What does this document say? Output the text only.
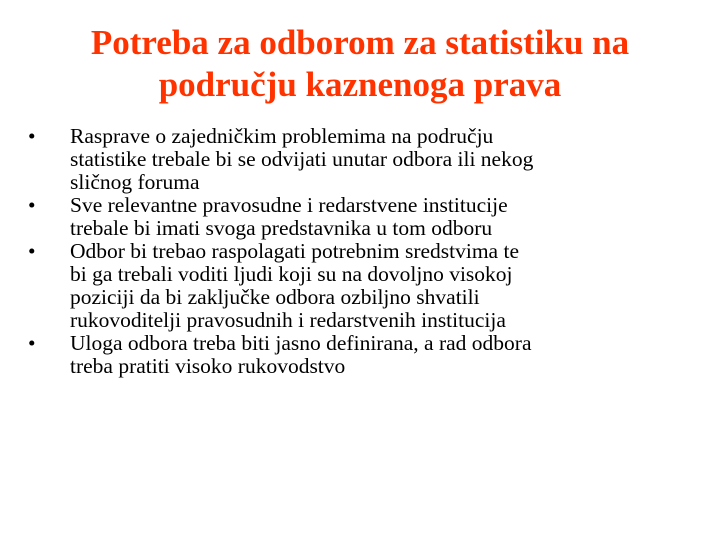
Potreba za odborom za statistiku na
području kaznenoga prava
•	Rasprave o zajedničkim problemima na području
statistike trebale bi se odvijati unutar odbora ili nekog
sličnog foruma
•	Sve relevantne pravosudne i redarstvene institucije
trebale bi imati svoga predstavnika u tom odboru
•	Odbor bi trebao raspolagati potrebnim sredstvima te
bi ga trebali voditi ljudi koji su na dovoljno visokoj
poziciji da bi zaključke odbora ozbiljno shvatili
rukovoditelji pravosudnih i redarstvenih institucija
•	Uloga odbora treba biti jasno definirana, a rad odbora
treba pratiti visoko rukovodstvo
